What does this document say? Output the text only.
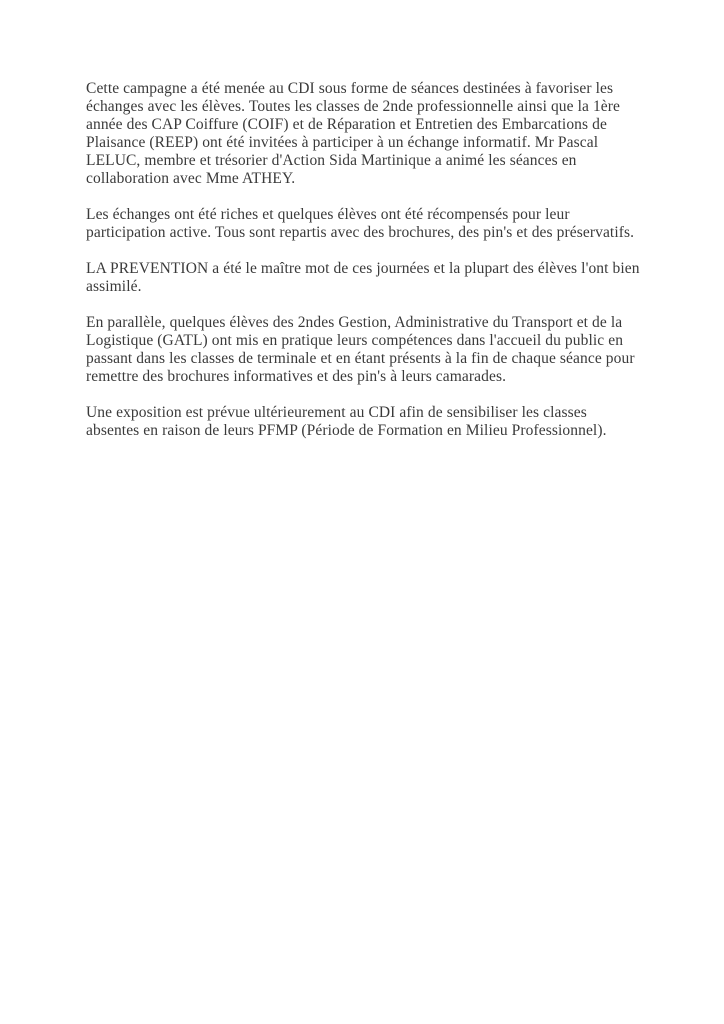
Cette campagne a été menée au CDI sous forme de séances destinées à favoriser les échanges avec les élèves. Toutes les classes de 2nde professionnelle ainsi que la 1ère année des CAP Coiffure (COIF) et de Réparation et Entretien des Embarcations de Plaisance (REEP) ont été invitées à participer à un échange informatif. Mr Pascal LELUC, membre et trésorier d'Action Sida Martinique a animé les séances en collaboration avec Mme ATHEY.

Les échanges ont été riches et quelques élèves ont été récompensés pour leur participation active. Tous sont repartis avec des brochures, des pin's et des préservatifs.

LA PREVENTION a été le maître mot de ces journées et la plupart des élèves l'ont bien assimilé.

En parallèle, quelques élèves des 2ndes Gestion, Administrative du Transport et de la Logistique (GATL) ont mis en pratique leurs compétences dans l'accueil du public en passant dans les classes de terminale et en étant présents à la fin de chaque séance pour remettre des brochures informatives et des pin's à leurs camarades.

Une exposition est prévue ultérieurement au CDI afin de sensibiliser les classes absentes en raison de leurs PFMP (Période de Formation en Milieu Professionnel).
